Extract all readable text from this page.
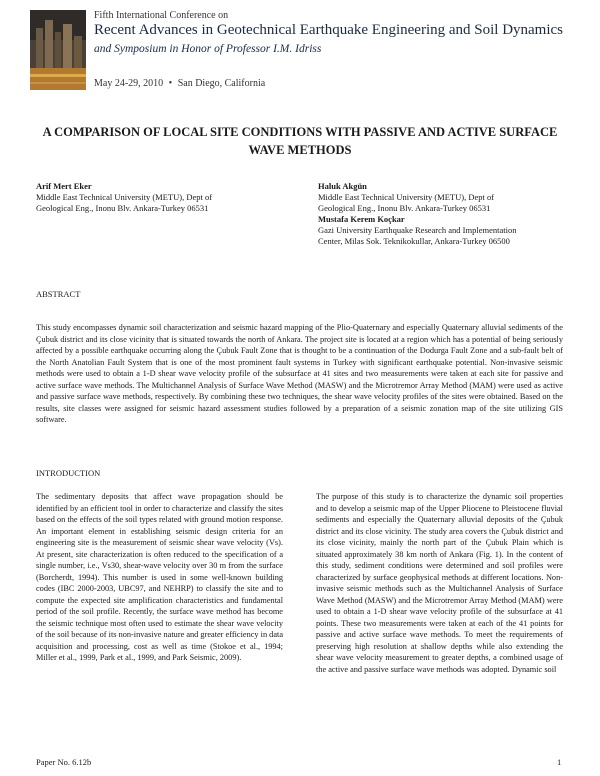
Fifth International Conference on
Recent Advances in Geotechnical Earthquake Engineering and Soil Dynamics
and Symposium in Honor of Professor I.M. Idriss
May 24-29, 2010 • San Diego, California
A COMPARISON OF LOCAL SITE CONDITIONS WITH PASSIVE AND ACTIVE SURFACE WAVE METHODS
Arif Mert Eker
Middle East Technical University (METU), Dept of
Geological Eng., Inonu Blv. Ankara-Turkey 06531
Haluk Akgün
Middle East Technical University (METU), Dept of
Geological Eng., Inonu Blv. Ankara-Turkey 06531
Mustafa Kerem Koçkar
Gazi University Earthquake Research and Implementation
Center, Milas Sok. Teknikokullar, Ankara-Turkey 06500
ABSTRACT
This study encompasses dynamic soil characterization and seismic hazard mapping of the Plio-Quaternary and especially Quaternary alluvial sediments of the Çubuk district and its close vicinity that is situated towards the north of Ankara. The project site is located at a region which has a potential of being seriously affected by a possible earthquake occurring along the Çubuk Fault Zone that is thought to be a continuation of the Dodurga Fault Zone and a sub-fault belt of the North Anatolian Fault System that is one of the most prominent fault systems in Turkey with significant earthquake potential. Non-invasive seismic methods were used to obtain a 1-D shear wave velocity profile of the subsurface at 41 sites and two measurements were taken at each site for passive and active surface wave methods. The Multichannel Analysis of Surface Wave Method (MASW) and the Microtremor Array Method (MAM) were used as active and passive surface wave methods, respectively. By combining these two techniques, the shear wave velocity profiles of the sites were obtained. Based on the results, site classes were assigned for seismic hazard assessment studies followed by a preparation of a seismic zonation map of the site utilizing GIS software.
INTRODUCTION
The sedimentary deposits that affect wave propagation should be identified by an efficient tool in order to characterize and classify the sites based on the effects of the soil types related with ground motion response. An important element in establishing seismic design criteria for an engineering site is the measurement of seismic shear wave velocity (Vs). At present, site characterization is often reduced to the specification of a single number, i.e., Vs30, shear-wave velocity over 30 m from the surface (Borcherdt, 1994). This number is used in some well-known building codes (IBC 2000-2003, UBC97, and NEHRP) to classify the site and to compute the expected site amplification characteristics and fundamental period of the soil profile. Recently, the surface wave method has become the seismic technique most often used to estimate the shear wave velocity of the soil because of its non-invasive nature and greater efficiency in data acquisition and processing, cost as well as time (Stokoe et al., 1994; Miller et al., 1999, Park et al., 1999, and Park Seismic, 2009).
The purpose of this study is to characterize the dynamic soil properties and to develop a seismic map of the Upper Pliocene to Pleistocene fluvial sediments and especially the Quaternary alluvial deposits of the Çubuk district and its close vicinity. The study area covers the Çubuk district and its close vicinity, mainly the north part of the Çubuk Plain which is situated approximately 38 km north of Ankara (Fig. 1). In the content of this study, sediment conditions were determined and soil profiles were characterized by surface geophysical methods at different locations. Non-invasive seismic methods such as the Multichannel Analysis of Surface Wave Method (MASW) and the Microtremor Array Method (MAM) were used to obtain a 1-D shear wave velocity profile of the subsurface at 41 points. These two measurements were taken at each of the 41 points for passive and active surface wave methods. To meet the requirements of preserving high resolution at shallow depths while also extending the shear wave velocity measurement to greater depths, a combined usage of the active and passive surface wave methods was adopted. Dynamic soil
Paper No. 6.12b	1
